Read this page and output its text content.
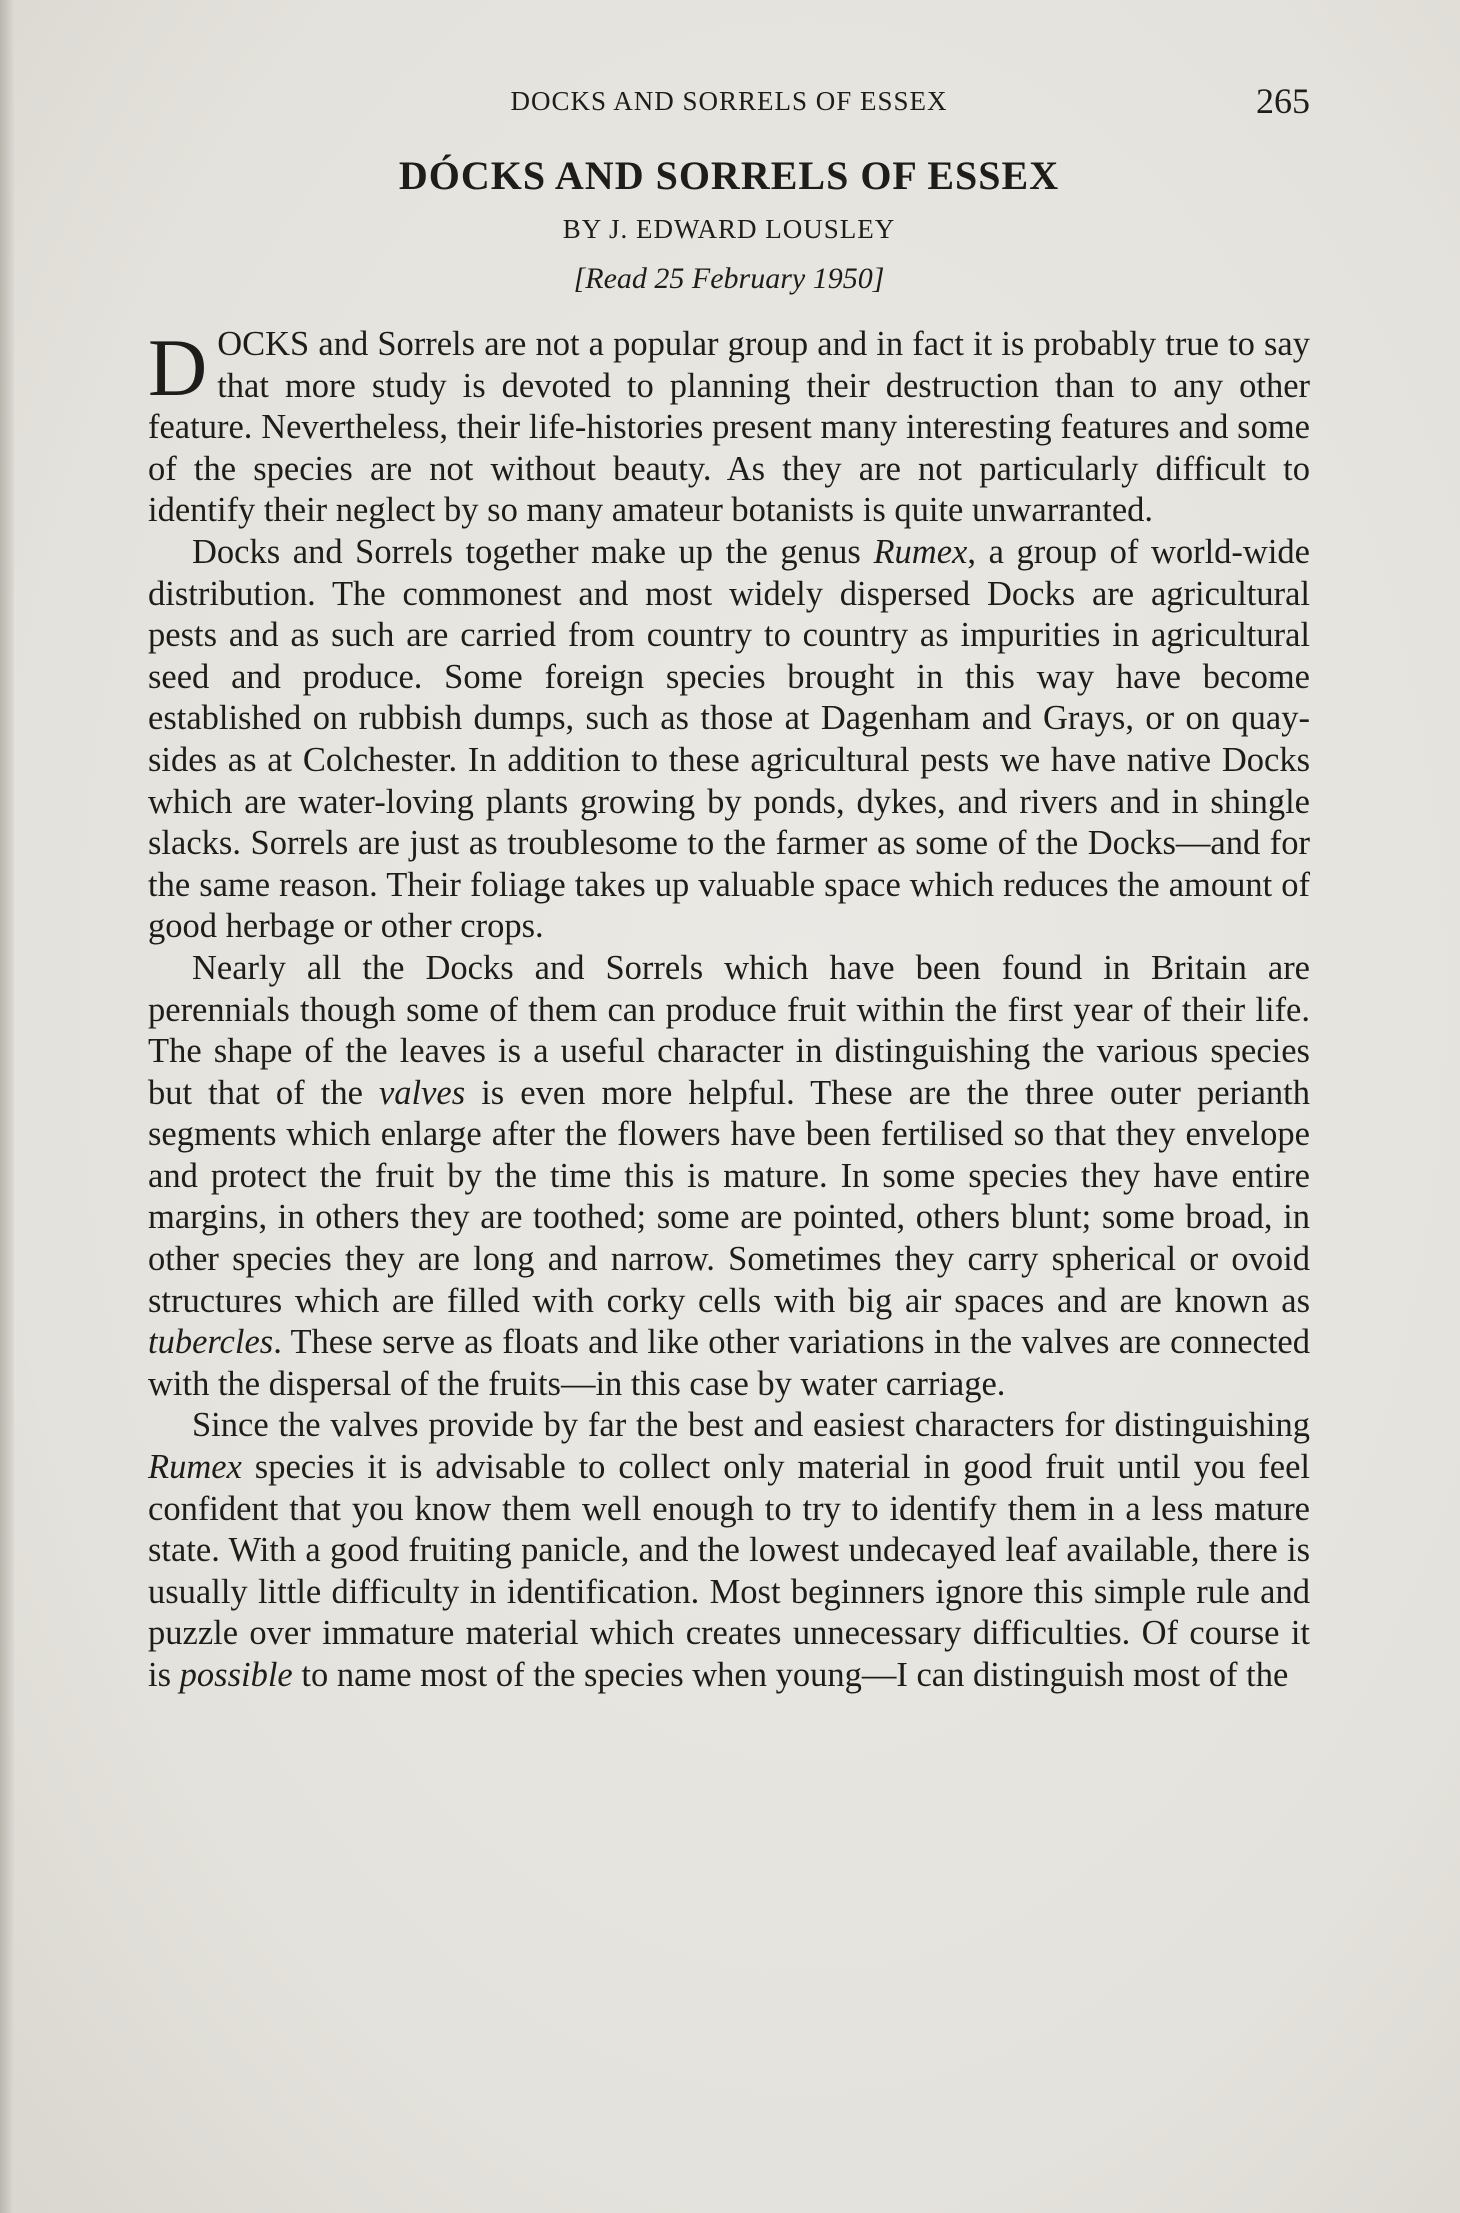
DOCKS AND SORRELS OF ESSEX	265
DÓCKS AND SORRELS OF ESSEX
BY J. EDWARD LOUSLEY
[Read 25 February 1950]

DOCKS and Sorrels are not a popular group and in fact it is probably true to say that more study is devoted to planning their destruction than to any other feature. Nevertheless, their life-histories present many interesting features and some of the species are not without beauty. As they are not particularly difficult to identify their neglect by so many amateur botanists is quite unwarranted.

Docks and Sorrels together make up the genus Rumex, a group of world-wide distribution. The commonest and most widely dispersed Docks are agricultural pests and as such are carried from country to country as impurities in agricultural seed and produce. Some foreign species brought in this way have become established on rubbish dumps, such as those at Dagenham and Grays, or on quay-sides as at Colchester. In addition to these agricultural pests we have native Docks which are water-loving plants growing by ponds, dykes, and rivers and in shingle slacks. Sorrels are just as troublesome to the farmer as some of the Docks—and for the same reason. Their foliage takes up valuable space which reduces the amount of good herbage or other crops.

Nearly all the Docks and Sorrels which have been found in Britain are perennials though some of them can produce fruit within the first year of their life. The shape of the leaves is a useful character in distinguishing the various species but that of the valves is even more helpful. These are the three outer perianth segments which enlarge after the flowers have been fertilised so that they envelope and protect the fruit by the time this is mature. In some species they have entire margins, in others they are toothed; some are pointed, others blunt; some broad, in other species they are long and narrow. Sometimes they carry spherical or ovoid structures which are filled with corky cells with big air spaces and are known as tubercles. These serve as floats and like other variations in the valves are connected with the dispersal of the fruits—in this case by water carriage.

Since the valves provide by far the best and easiest characters for distinguishing Rumex species it is advisable to collect only material in good fruit until you feel confident that you know them well enough to try to identify them in a less mature state. With a good fruiting panicle, and the lowest undecayed leaf available, there is usually little difficulty in identification. Most beginners ignore this simple rule and puzzle over immature material which creates unnecessary difficulties. Of course it is possible to name most of the species when young—I can distinguish most of the
